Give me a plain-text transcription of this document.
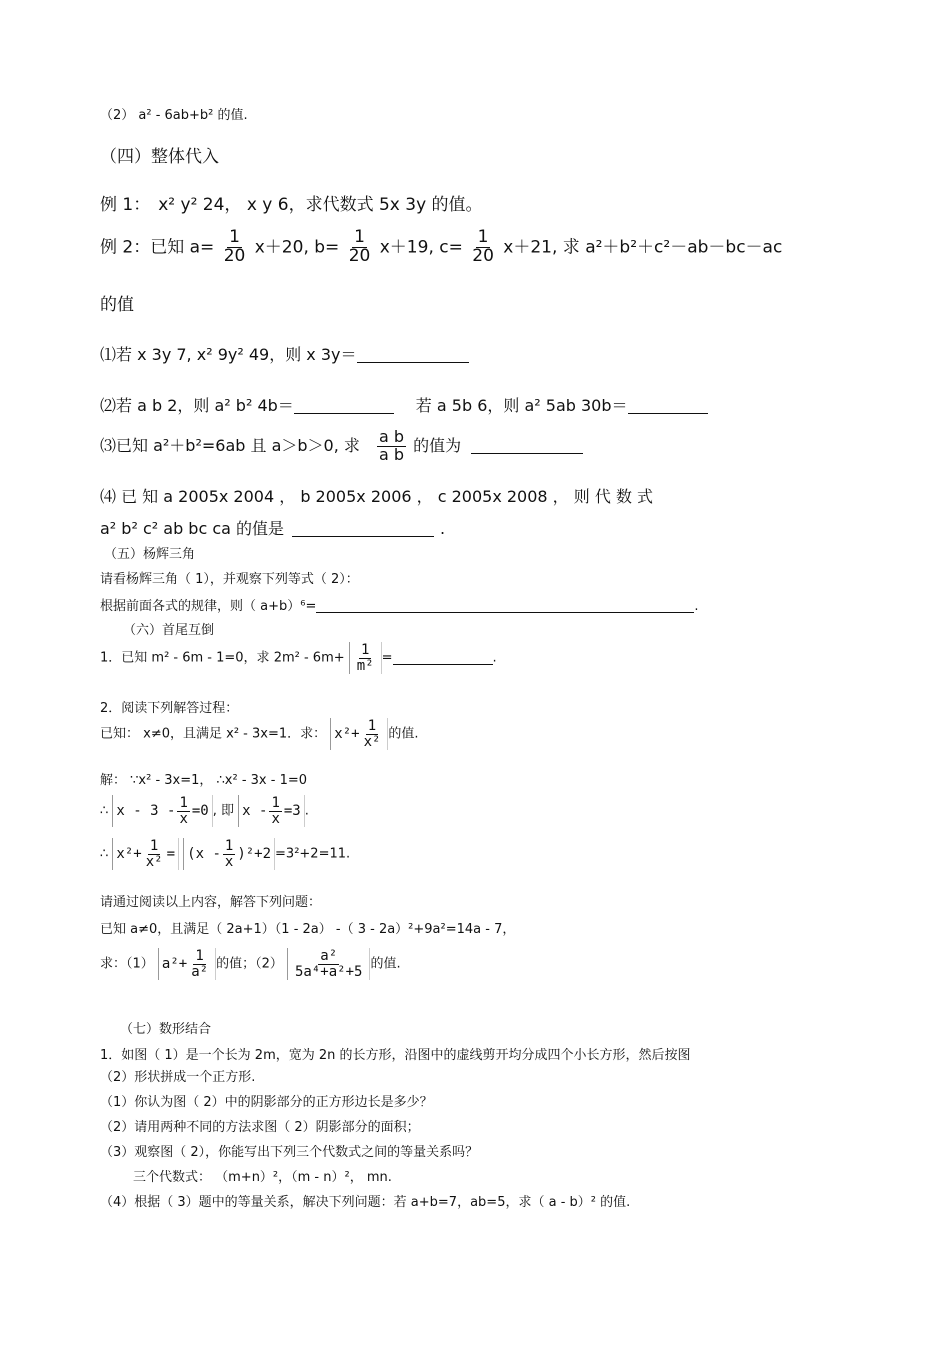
（2） a² - 6ab+b² 的值.
（四）整体代入
例 1： x² y² 24， x y 6，求代数式 5x 3y 的值。
例 2：已知 $a= \frac{1}{20} x+20$, $b= \frac{1}{20} x+19$, $c= \frac{1}{20} x+21$, 求 a²＋b²＋c²－ab－bc－ac
的值
⑴若 x 3y 7, x² 9y² 49，则 x 3y＝
⑵若 a b 2，则 a² b² 4b＝	若 a 5b 6，则 a² 5ab 30b＝
⑶已知 a²＋b²=6ab 且 a＞b＞0, 求 $\frac{\text{a b}}{\text{a b}}$ 的值为
⑷ 已 知 a 2005x 2004 ， b 2005x 2006 ， c 2005x 2008 ， 则 代 数 式
a² b² c² ab bc ca 的值是	.
（五）杨辉三角
请看杨辉三角（ 1），并观察下列等式（ 2）：
根据前面各式的规律，则（ a+b）⁶=	.
（六）首尾互倒
1．已知 m² - 6m - 1=0，求 $2m^2 - 6m+ \frac{1}{\text{m²}}$ =	.
2．阅读下列解答过程：
已知： x≠0，且满足 x² - 3x=1．求： $x^2+ \frac{1}{\text{x²}}$ 的值.
解： ∵x² - 3x=1， ∴x² - 3x - 1=0
∴ $x - 3 - \frac{1}{x} =0$ , 即 $x - \frac{1}{x} =3$ .
∴ $x^2+ \frac{1}{\text{x²}}$ =
$(x - \frac{1}{x} )^2+2 =3^2+2=11$.
请通过阅读以上内容，解答下列问题：
已知 a≠0，且满足（ 2a+1）（1 - 2a） -（ 3 - 2a）²+9a²=14a - 7，
求：（1） $a^2+ \frac{1}{\text{a²}}$ 的值；$(2) \frac{\text{a²}}{\text{5a⁴+a²+5}}$ 的值.
（七）数形结合
1．如图（ 1）是一个长为 2m，宽为 2n 的长方形，沿图中的虚线剪开均分成四个小长方形，然后按图
（2）形状拼成一个正方形.
（1）你认为图（ 2）中的阴影部分的正方形边长是多少？
（2）请用两种不同的方法求图（ 2）阴影部分的面积；
（3）观察图（ 2），你能写出下列三个代数式之间的等量关系吗？
三个代数式： （m+n）²，（m - n）²， mn.
（4）根据（ 3）题中的等量关系，解决下列问题：若 a+b=7，ab=5，求（ a - b）² 的值.
